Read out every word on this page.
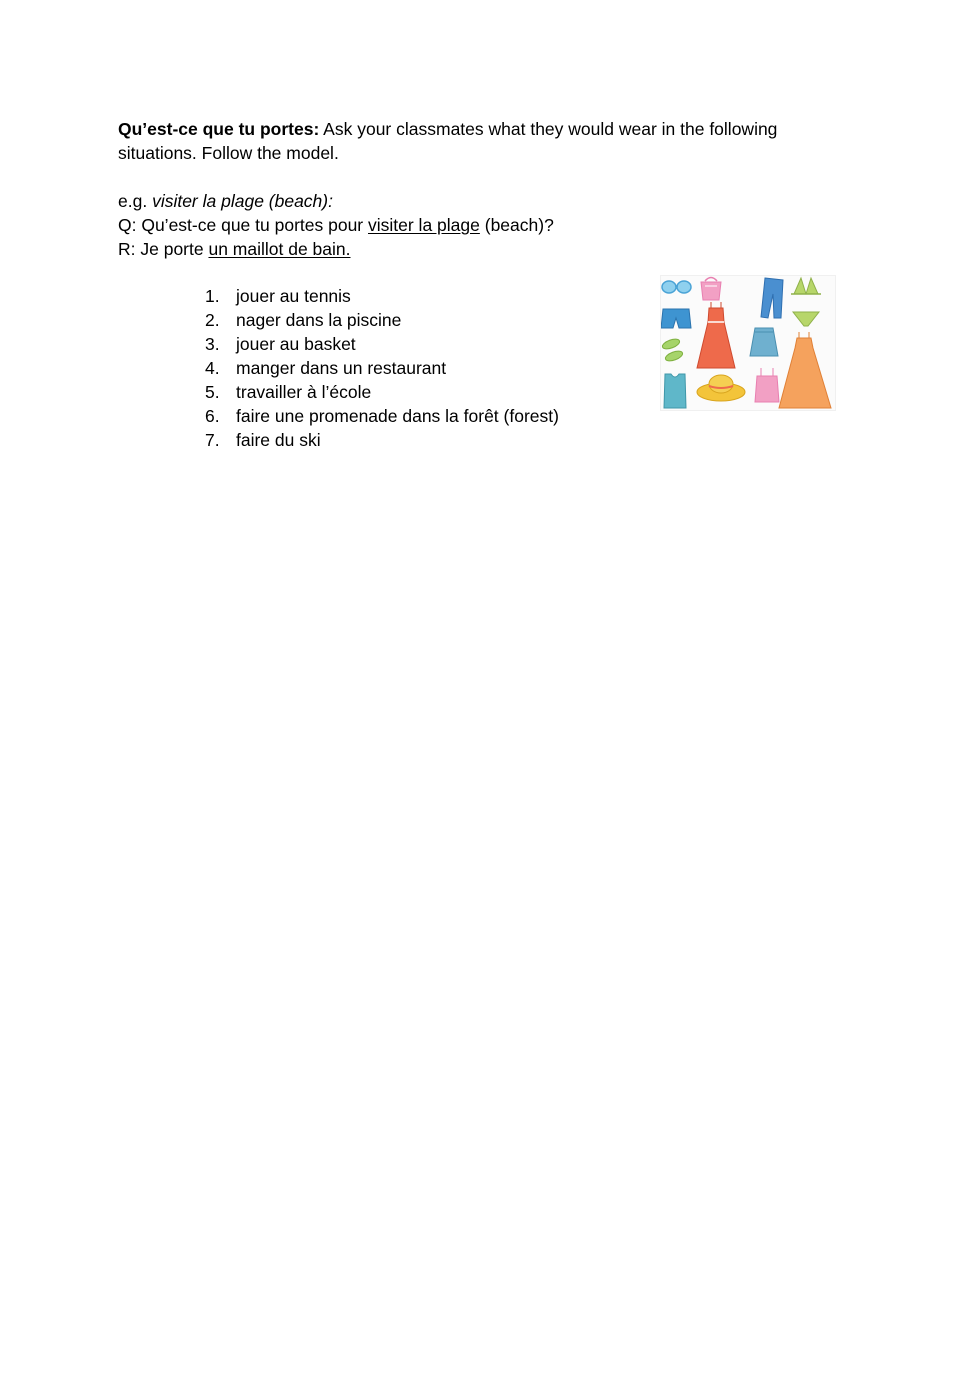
Qu’est-ce que tu portes: Ask your classmates what they would wear in the following situations. Follow the model.
e.g. visiter la plage (beach):
Q: Qu’est-ce que tu portes pour visiter la plage (beach)?
R: Je porte un maillot de bain.
1. jouer au tennis
2. nager dans la piscine
3. jouer au basket
4. manger dans un restaurant
5. travailler à l’école
6. faire une promenade dans la forêt (forest)
7. faire du ski
